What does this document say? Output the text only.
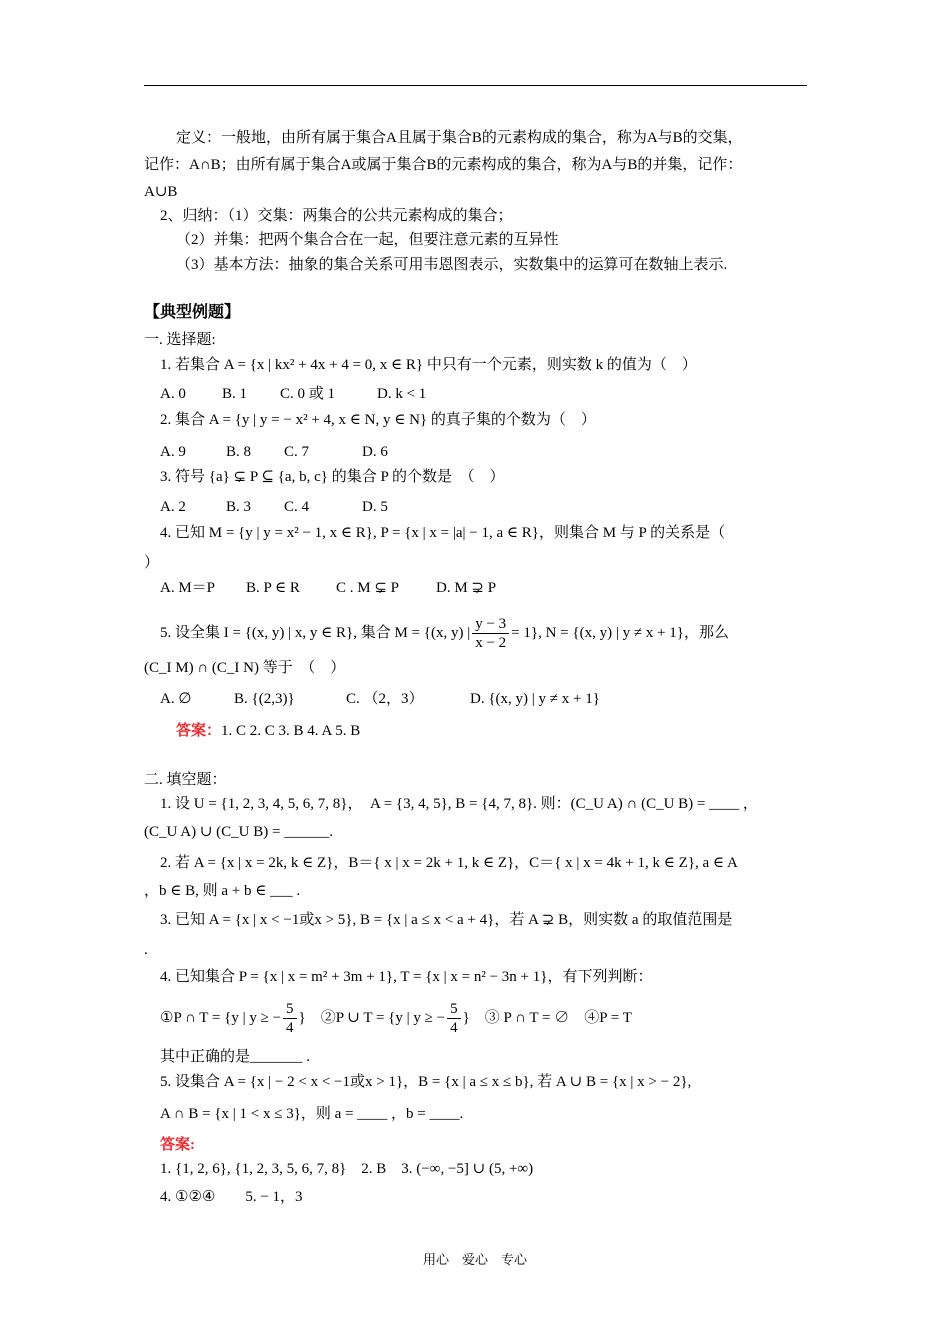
定义：一般地，由所有属于集合A且属于集合B的元素构成的集合，称为A与B的交集，
记作：A∩B；由所有属于集合A或属于集合B的元素构成的集合，称为A与B的并集，记作：
A∪B
2、归纳：（1）交集：两集合的公共元素构成的集合；
（2）并集：把两个集合合在一起，但要注意元素的互异性
（3）基本方法：抽象的集合关系可用韦恩图表示，实数集中的运算可在数轴上表示.
【典型例题】
一. 选择题:
1. 若集合 A = {x | kx² + 4x + 4 = 0, x ∈ R} 中只有一个元素，则实数 k 的值为（　）
A. 0 B. 1 C. 0 或 1	D. k < 1
2. 集合 A = {y | y = − x² + 4, x ∈ N, y ∈ N} 的真子集的个数为（　）
A. 9	B. 8 C. 7	D. 6
3. 符号 {a} ⊊ P ⊆ {a, b, c} 的集合 P 的个数是　（　）
A. 2	B. 3 C. 4	D. 5
4. 已知 M = {y | y = x² − 1, x ∈ R}, P = {x | x = |a| − 1, a ∈ R}，则集合 M 与 P 的关系是（
）
A. M＝P B. P ∈ R C . M ⊊ P D. M ⊋ P
5. 设全集 I = {(x, y) | x, y ∈ R}, 集合 M = {(x, y) | $\frac{y - 3}{x - 2} = 1$}, N = {(x, y) | y ≠ x + 1}，那么
(C_I M) ∩ (C_I N) 等于　（　）
A. ∅	B. {(2,3)}	C. （2，3）	D. {(x, y) | y ≠ x + 1}
答案：1. C 2. C 3. B 4. A 5. B
二. 填空题：
1. 设 U = {1, 2, 3, 4, 5, 6, 7, 8}，　A = {3, 4, 5}, B = {4, 7, 8}. 则：(C_U A) ∩ (C_U B) = ____ ，
(C_U A) ∪ (C_U B) = ______.
2. 若 A = {x | x = 2k, k ∈ Z}，B＝{ x | x = 2k + 1, k ∈ Z}，C＝{ x | x = 4k + 1, k ∈ Z}, a ∈ A
，b ∈ B, 则 a + b ∈ ___ .
3. 已知 A = {x | x < −1或x > 5}, B = {x | a ≤ x < a + 4}，若 A ⊋ B，则实数 a 的取值范围是
.
4. 已知集合 P = {x | x = m² + 3m + 1}, T = {x | x = n² − 3n + 1}，有下列判断：
①P ∩ T = {y | y ≥ − $\frac{5}{4}$ }　②P ∪ T = {y | y ≥ − $\frac{5}{4}$ }　③ P ∩ T = ∅　④P = T
其中正确的是_______ .
5. 设集合 A = {x | − 2 < x < −1或x > 1}，B = {x | a ≤ x ≤ b}, 若 A ∪ B = {x | x > − 2},
A ∩ B = {x | 1 < x ≤ 3}，则 a = ____ ，b = ____.
答案:
1. {1, 2, 6}, {1, 2, 3, 5, 6, 7, 8}　2. B　3. (−∞, −5] ∪ (5, +∞)
4. ①②④　　5. − 1，3
用心　爱心　专心
